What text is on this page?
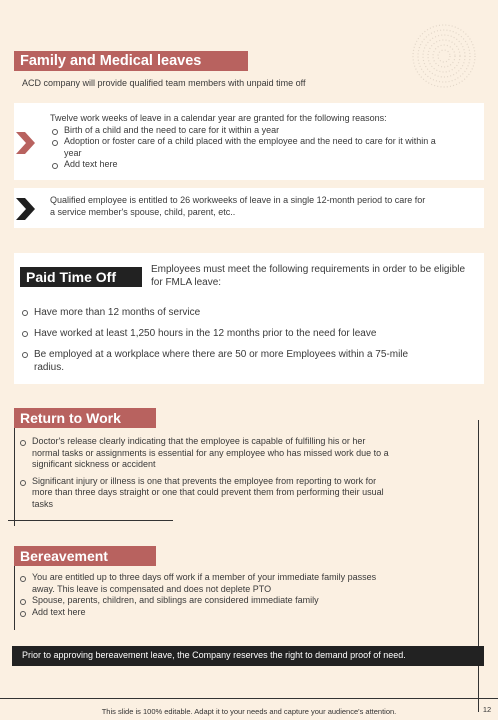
Family and Medical leaves
ACD company will provide qualified team members with unpaid time off
Twelve work weeks of leave in a calendar year are granted for the following reasons:
Birth of a child and the need to care for it within a year
Adoption or foster care of a child placed with the employee and the need to care for it within a year
Add text here
Qualified employee is entitled to 26 workweeks of leave in a single 12-month period to care for a service member's spouse, child, parent, etc..
Paid Time Off	Employees must meet the following requirements in order to be eligible for FMLA leave:
Have more than 12 months of service
Have worked at least 1,250 hours in the 12 months prior to the need for leave
Be employed at a workplace where there are 50 or more Employees within a 75-mile radius.
Return to Work
Doctor's release clearly indicating that the employee is capable of fulfilling his or her normal tasks or assignments is essential for any employee who has missed work due to a significant sickness or accident
Significant injury or illness is one that prevents the employee from reporting to work for more than three days straight or one that could prevent them from performing their usual tasks
Bereavement
You are entitled up to three days off work if a member of your immediate family passes away. This leave is compensated and does not deplete PTO
Spouse, parents, children, and siblings are considered immediate family
Add text here
Prior to approving bereavement leave, the Company reserves the right to demand proof of need.
This slide is 100% editable. Adapt it to your needs and capture your audience's attention.	12
